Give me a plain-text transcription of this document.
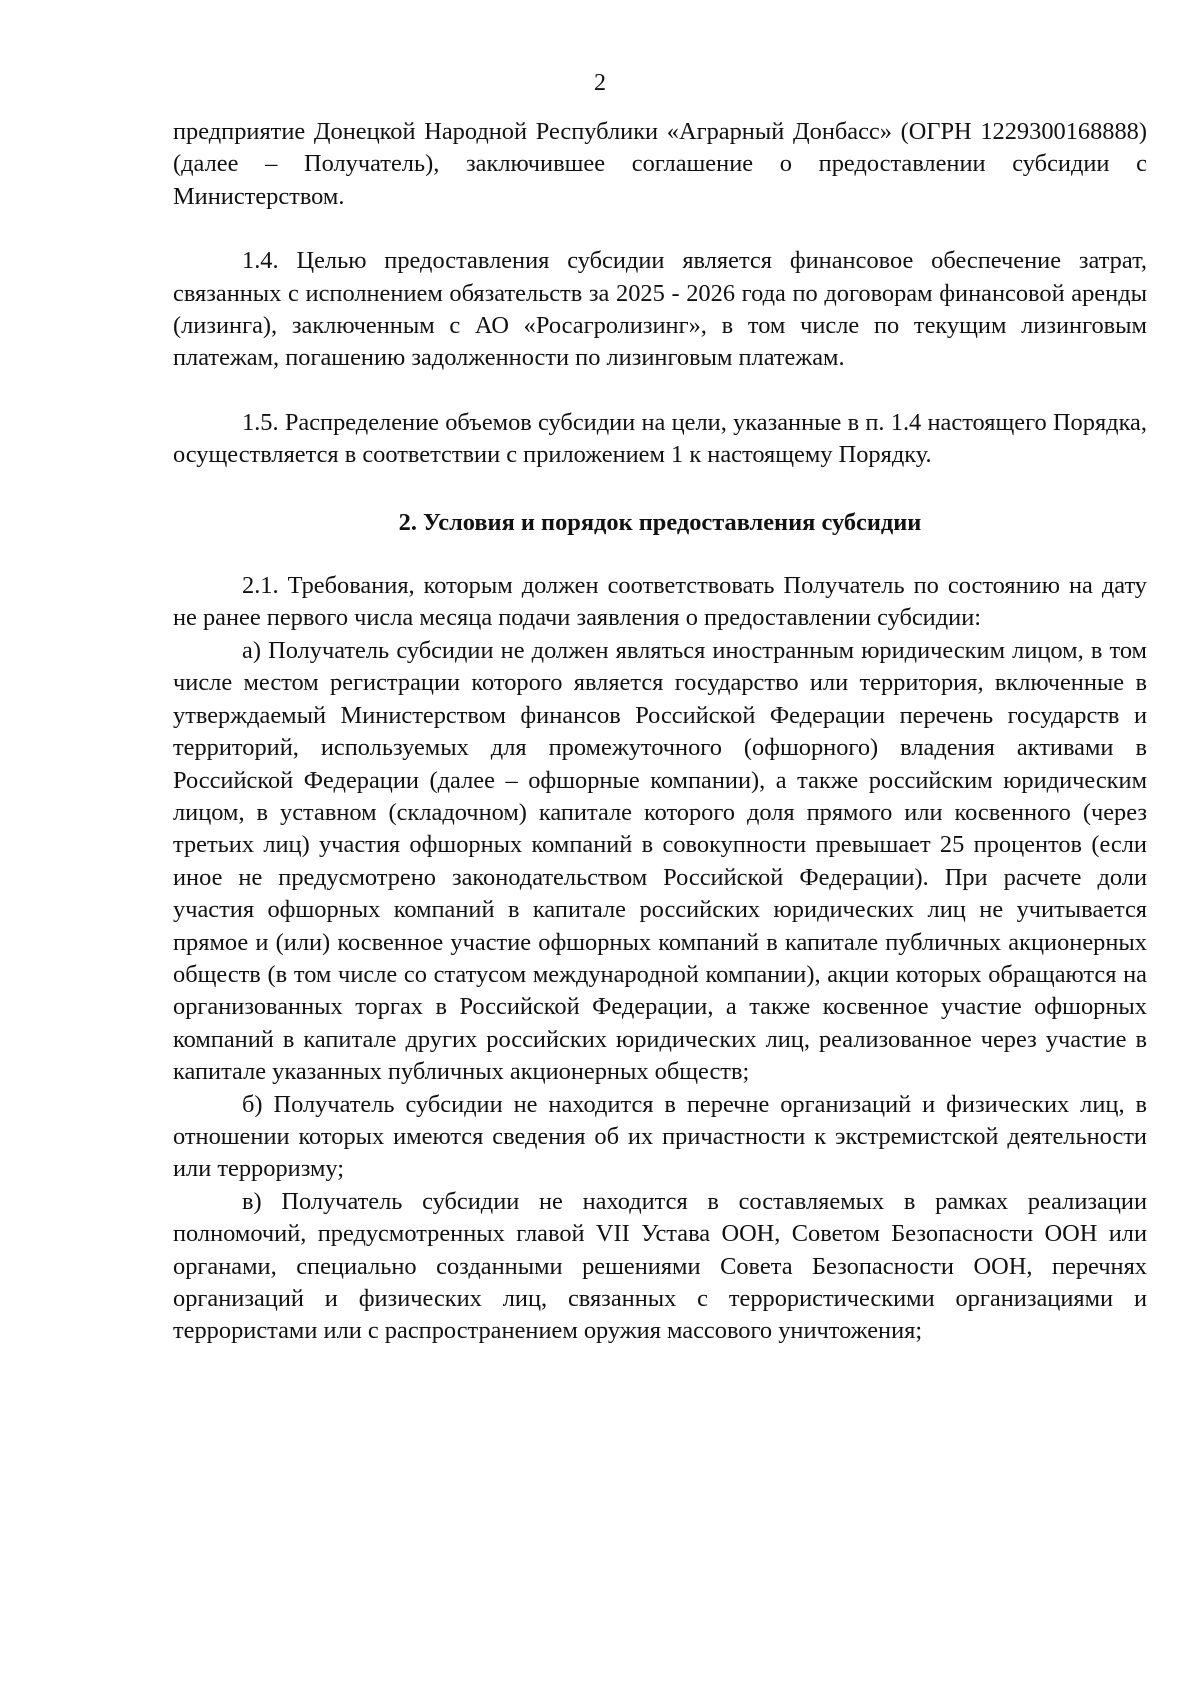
2

предприятие Донецкой Народной Республики «Аграрный Донбасс» (ОГРН 1229300168888) (далее – Получатель), заключившее соглашение о предоставлении субсидии с Министерством.

1.4. Целью предоставления субсидии является финансовое обеспечение затрат, связанных с исполнением обязательств за 2025 - 2026 года по договорам финансовой аренды (лизинга), заключенным с АО «Росагролизинг», в том числе по текущим лизинговым платежам, погашению задолженности по лизинговым платежам.

1.5. Распределение объемов субсидии на цели, указанные в п. 1.4 настоящего Порядка, осуществляется в соответствии с приложением 1 к настоящему Порядку.

2. Условия и порядок предоставления субсидии

2.1. Требования, которым должен соответствовать Получатель по состоянию на дату не ранее первого числа месяца подачи заявления о предоставлении субсидии:

а) Получатель субсидии не должен являться иностранным юридическим лицом, в том числе местом регистрации которого является государство или территория, включенные в утверждаемый Министерством финансов Российской Федерации перечень государств и территорий, используемых для промежуточного (офшорного) владения активами в Российской Федерации (далее – офшорные компании), а также российским юридическим лицом, в уставном (складочном) капитале которого доля прямого или косвенного (через третьих лиц) участия офшорных компаний в совокупности превышает 25 процентов (если иное не предусмотрено законодательством Российской Федерации). При расчете доли участия офшорных компаний в капитале российских юридических лиц не учитывается прямое и (или) косвенное участие офшорных компаний в капитале публичных акционерных обществ (в том числе со статусом международной компании), акции которых обращаются на организованных торгах в Российской Федерации, а также косвенное участие офшорных компаний в капитале других российских юридических лиц, реализованное через участие в капитале указанных публичных акционерных обществ;

б) Получатель субсидии не находится в перечне организаций и физических лиц, в отношении которых имеются сведения об их причастности к экстремистской деятельности или терроризму;

в) Получатель субсидии не находится в составляемых в рамках реализации полномочий, предусмотренных главой VII Устава ООН, Советом Безопасности ООН или органами, специально созданными решениями Совета Безопасности ООН, перечнях организаций и физических лиц, связанных с террористическими организациями и террористами или с распространением оружия массового уничтожения;
